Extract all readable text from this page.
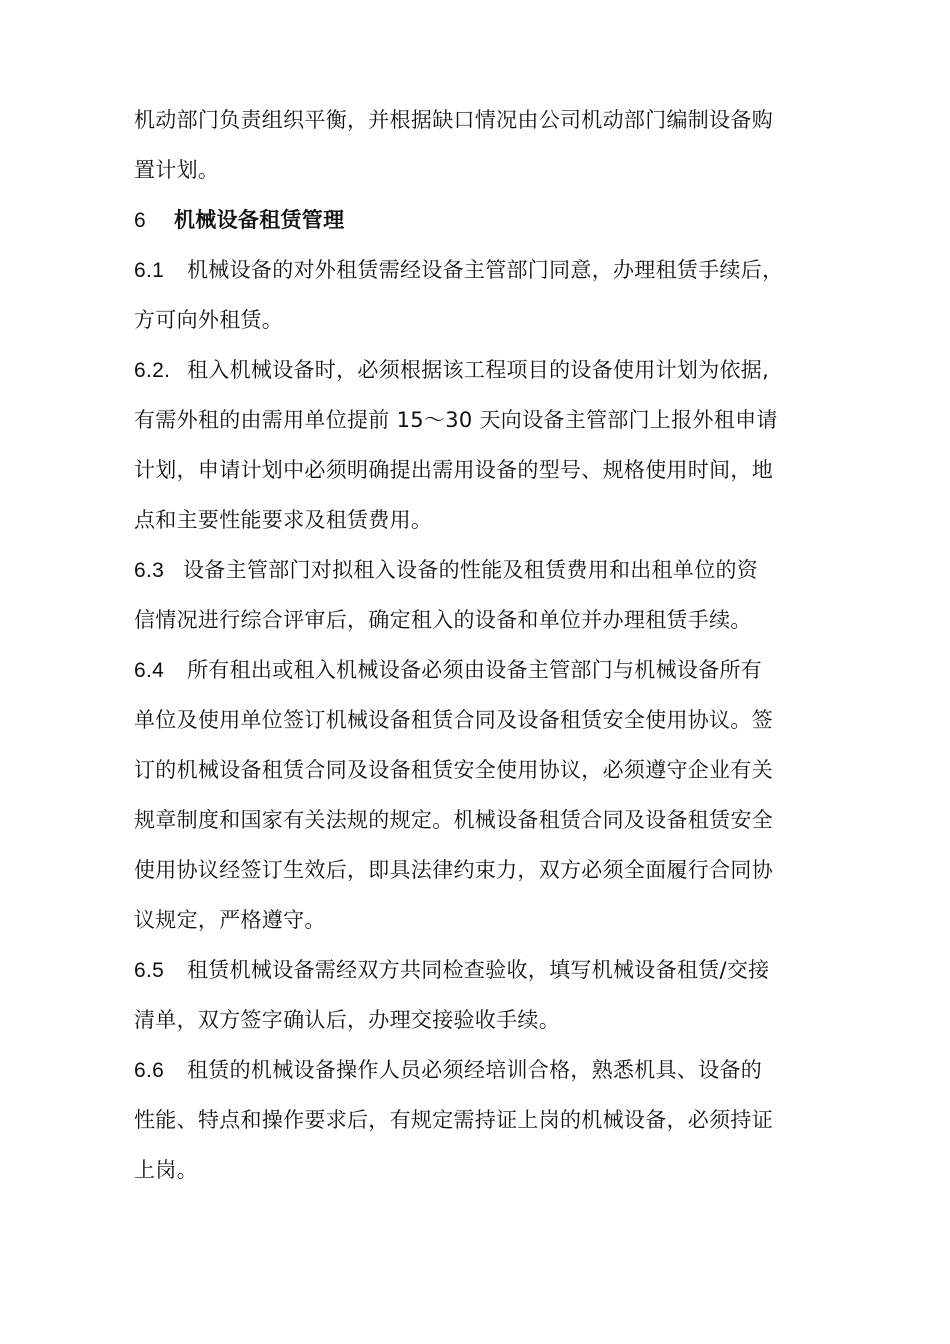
机动部门负责组织平衡，并根据缺口情况由公司机动部门编制设备购
置计划。
6 机械设备租赁管理
6.1 机械设备的对外租赁需经设备主管部门同意，办理租赁手续后，
方可向外租赁。
6.2. 租入机械设备时，必须根据该工程项目的设备使用计划为依据,
有需外租的由需用单位提前 15～30 天向设备主管部门上报外租申请
计划，申请计划中必须明确提出需用设备的型号、规格使用时间，地
点和主要性能要求及租赁费用。
6.3 设备主管部门对拟租入设备的性能及租赁费用和出租单位的资
信情况进行综合评审后，确定租入的设备和单位并办理租赁手续。
6.4 所有租出或租入机械设备必须由设备主管部门与机械设备所有
单位及使用单位签订机械设备租赁合同及设备租赁安全使用协议。签
订的机械设备租赁合同及设备租赁安全使用协议，必须遵守企业有关
规章制度和国家有关法规的规定。机械设备租赁合同及设备租赁安全
使用协议经签订生效后，即具法律约束力，双方必须全面履行合同协
议规定，严格遵守。
6.5 租赁机械设备需经双方共同检查验收，填写机械设备租赁/交接
清单，双方签字确认后，办理交接验收手续。
6.6 租赁的机械设备操作人员必须经培训合格，熟悉机具、设备的
性能、特点和操作要求后，有规定需持证上岗的机械设备，必须持证
上岗。
